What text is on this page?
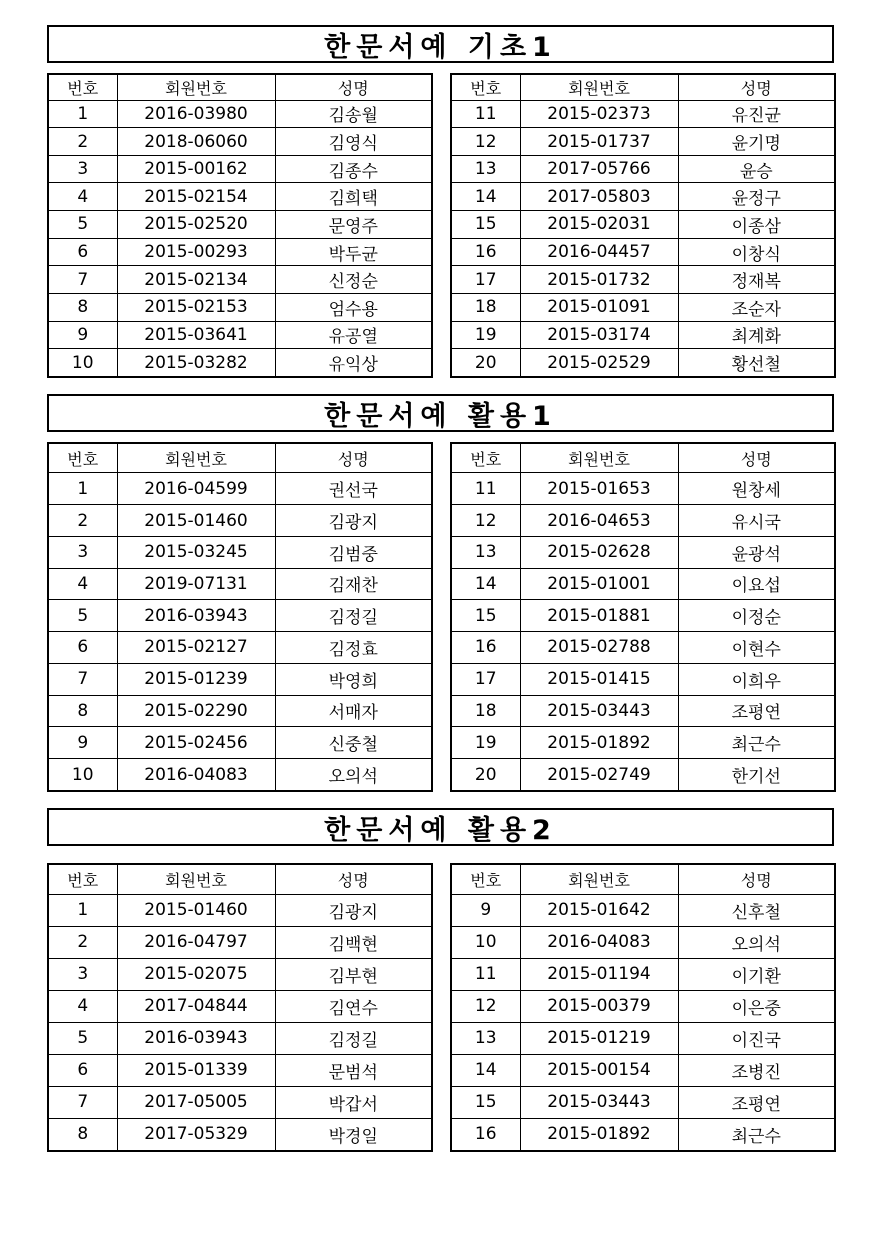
한문서예 기초1
번호	회원번호	성명
1	2016-03980	김송월
2	2018-06060	김영식
3	2015-00162	김종수
4	2015-02154	김희택
5	2015-02520	문영주
6	2015-00293	박두균
7	2015-02134	신정순
8	2015-02153	엄수용
9	2015-03641	유공열
10	2015-03282	유익상
번호	회원번호	성명
11	2015-02373	유진균
12	2015-01737	윤기명
13	2017-05766	윤승
14	2017-05803	윤정구
15	2015-02031	이종삼
16	2016-04457	이창식
17	2015-01732	정재복
18	2015-01091	조순자
19	2015-03174	최계화
20	2015-02529	황선철
한문서예 활용1
번호	회원번호	성명
1	2016-04599	권선국
2	2015-01460	김광지
3	2015-03245	김범중
4	2019-07131	김재찬
5	2016-03943	김정길
6	2015-02127	김정효
7	2015-01239	박영희
8	2015-02290	서매자
9	2015-02456	신중철
10	2016-04083	오의석
번호	회원번호	성명
11	2015-01653	원창세
12	2016-04653	유시국
13	2015-02628	윤광석
14	2015-01001	이요섭
15	2015-01881	이정순
16	2015-02788	이현수
17	2015-01415	이희우
18	2015-03443	조평연
19	2015-01892	최근수
20	2015-02749	한기선
한문서예 활용2
번호	회원번호	성명
1	2015-01460	김광지
2	2016-04797	김백현
3	2015-02075	김부현
4	2017-04844	김연수
5	2016-03943	김정길
6	2015-01339	문범석
7	2017-05005	박갑서
8	2017-05329	박경일
번호	회원번호	성명
9	2015-01642	신후철
10	2016-04083	오의석
11	2015-01194	이기환
12	2015-00379	이은중
13	2015-01219	이진국
14	2015-00154	조병진
15	2015-03443	조평연
16	2015-01892	최근수
